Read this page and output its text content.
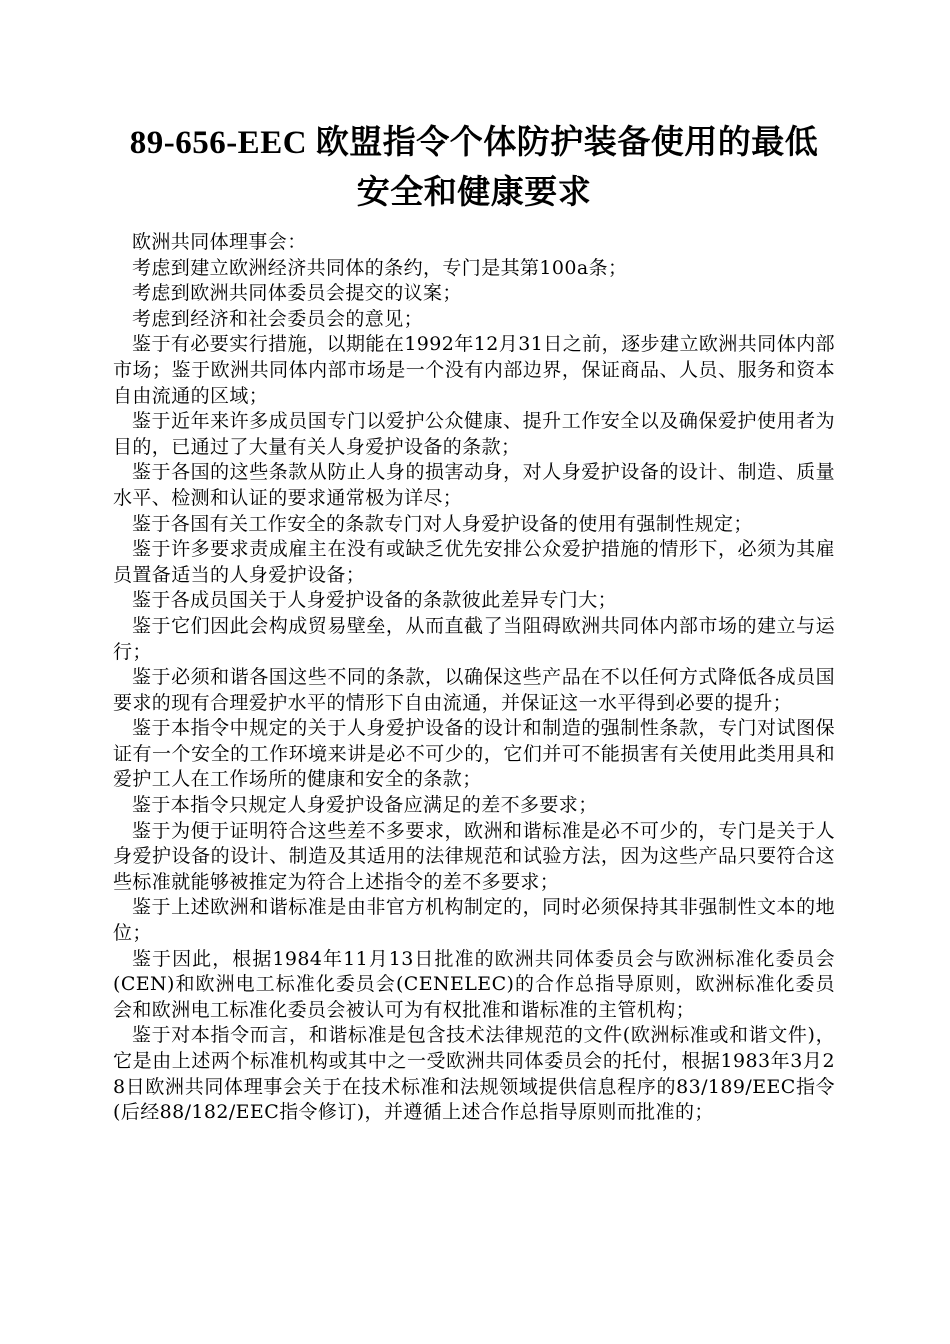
89-656-EEC 欧盟指令个体防护装备使用的最低安全和健康要求

欧洲共同体理事会：

考虑到建立欧洲经济共同体的条约，专门是其第100a条；

考虑到欧洲共同体委员会提交的议案；

考虑到经济和社会委员会的意见；

鉴于有必要实行措施，以期能在1992年12月31日之前，逐步建立欧洲共同体内部市场；鉴于欧洲共同体内部市场是一个没有内部边界，保证商品、人员、服务和资本自由流通的区域；

鉴于近年来许多成员国专门以爱护公众健康、提升工作安全以及确保爱护使用者为目的，已通过了大量有关人身爱护设备的条款；

鉴于各国的这些条款从防止人身的损害动身，对人身爱护设备的设计、制造、质量水平、检测和认证的要求通常极为详尽；

鉴于各国有关工作安全的条款专门对人身爱护设备的使用有强制性规定；

鉴于许多要求责成雇主在没有或缺乏优先安排公众爱护措施的情形下，必须为其雇员置备适当的人身爱护设备；

鉴于各成员国关于人身爱护设备的条款彼此差异专门大；

鉴于它们因此会构成贸易壁垒，从而直截了当阻碍欧洲共同体内部市场的建立与运行；

鉴于必须和谐各国这些不同的条款，以确保这些产品在不以任何方式降低各成员国要求的现有合理爱护水平的情形下自由流通，并保证这一水平得到必要的提升；

鉴于本指令中规定的关于人身爱护设备的设计和制造的强制性条款，专门对试图保证有一个安全的工作环境来讲是必不可少的，它们并可不能损害有关使用此类用具和爱护工人在工作场所的健康和安全的条款；

鉴于本指令只规定人身爱护设备应满足的差不多要求；

鉴于为便于证明符合这些差不多要求，欧洲和谐标准是必不可少的，专门是关于人身爱护设备的设计、制造及其适用的法律规范和试验方法，因为这些产品只要符合这些标准就能够被推定为符合上述指令的差不多要求；

鉴于上述欧洲和谐标准是由非官方机构制定的，同时必须保持其非强制性文本的地位；

鉴于因此，根据1984年11月13日批准的欧洲共同体委员会与欧洲标准化委员会(CEN)和欧洲电工标准化委员会(CENELEC)的合作总指导原则，欧洲标准化委员会和欧洲电工标准化委员会被认可为有权批准和谐标准的主管机构；

鉴于对本指令而言，和谐标准是包含技术法律规范的文件(欧洲标准或和谐文件)，它是由上述两个标准机构或其中之一受欧洲共同体委员会的托付，根据1983年3月28日欧洲共同体理事会关于在技术标准和法规领域提供信息程序的83/189/EEC指令(后经88/182/EEC指令修订)，并遵循上述合作总指导原则而批准的；
